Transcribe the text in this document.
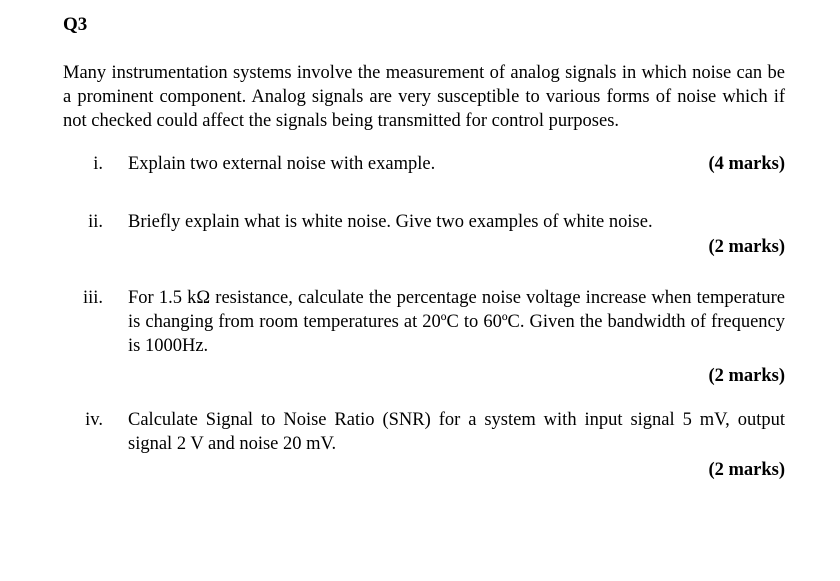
Q3
Many instrumentation systems involve the measurement of analog signals in which noise can be a prominent component. Analog signals are very susceptible to various forms of noise which if not checked could affect the signals being transmitted for control purposes.
i. Explain two external noise with example.	(4 marks)
ii. Briefly explain what is white noise. Give two examples of white noise.
(2 marks)
iii. For 1.5 kΩ resistance, calculate the percentage noise voltage increase when temperature is changing from room temperatures at 20ºC to 60ºC. Given the bandwidth of frequency is 1000Hz.
(2 marks)
iv. Calculate Signal to Noise Ratio (SNR) for a system with input signal 5 mV, output signal 2 V and noise 20 mV.
(2 marks)
